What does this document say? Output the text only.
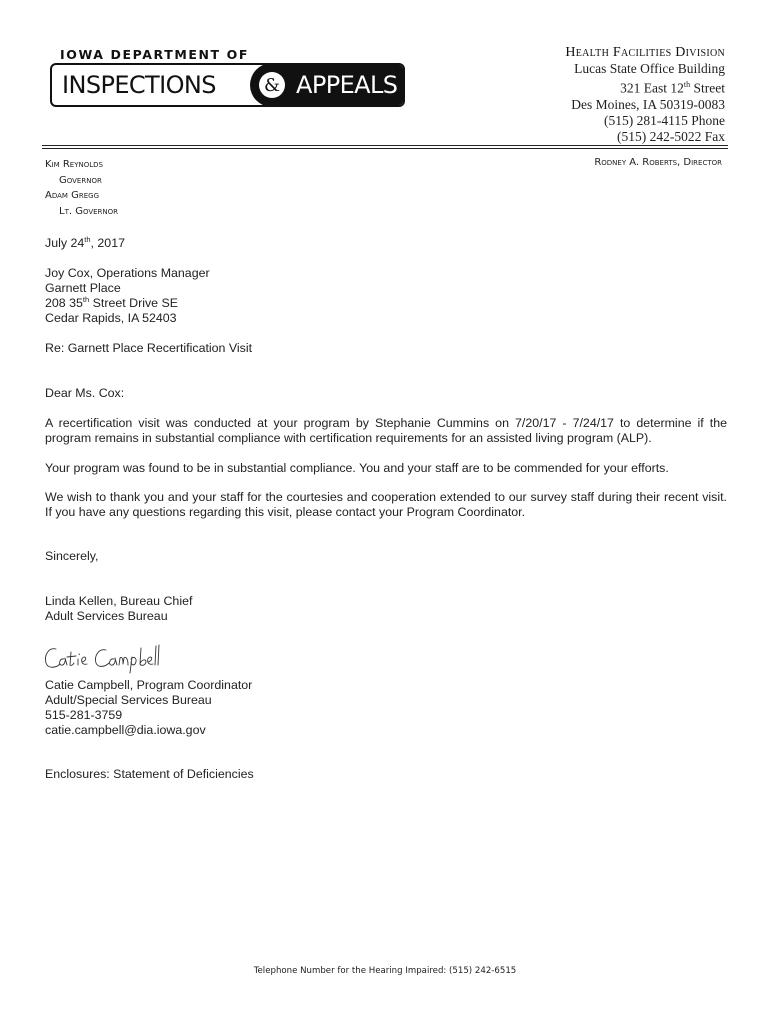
IOWA DEPARTMENT OF
INSPECTIONS	APPEALS
&
Health Facilities Division
Lucas State Office Building
321 East 12th Street
Des Moines, IA 50319-0083
(515) 281-4115 Phone
(515) 242-5022 Fax
Kim Reynolds
Governor
Adam Gregg
Lt. Governor
Rodney A. Roberts, Director
July 24th, 2017
Joy Cox, Operations Manager
Garnett Place
208 35th Street Drive SE
Cedar Rapids, IA 52403
Re: Garnett Place Recertification Visit
Dear Ms. Cox:
A recertification visit was conducted at your program by Stephanie Cummins on 7/20/17 - 7/24/17 to determine if the program remains in substantial compliance with certification requirements for an assisted living program (ALP).
Your program was found to be in substantial compliance. You and your staff are to be commended for your efforts.
We wish to thank you and your staff for the courtesies and cooperation extended to our survey staff during their recent visit. If you have any questions regarding this visit, please contact your Program Coordinator.
Sincerely,
Linda Kellen, Bureau Chief
Adult Services Bureau
Catie Campbell, Program Coordinator
Adult/Special Services Bureau
515-281-3759
catie.campbell@dia.iowa.gov
Enclosures: Statement of Deficiencies
Telephone Number for the Hearing Impaired: (515) 242-6515
